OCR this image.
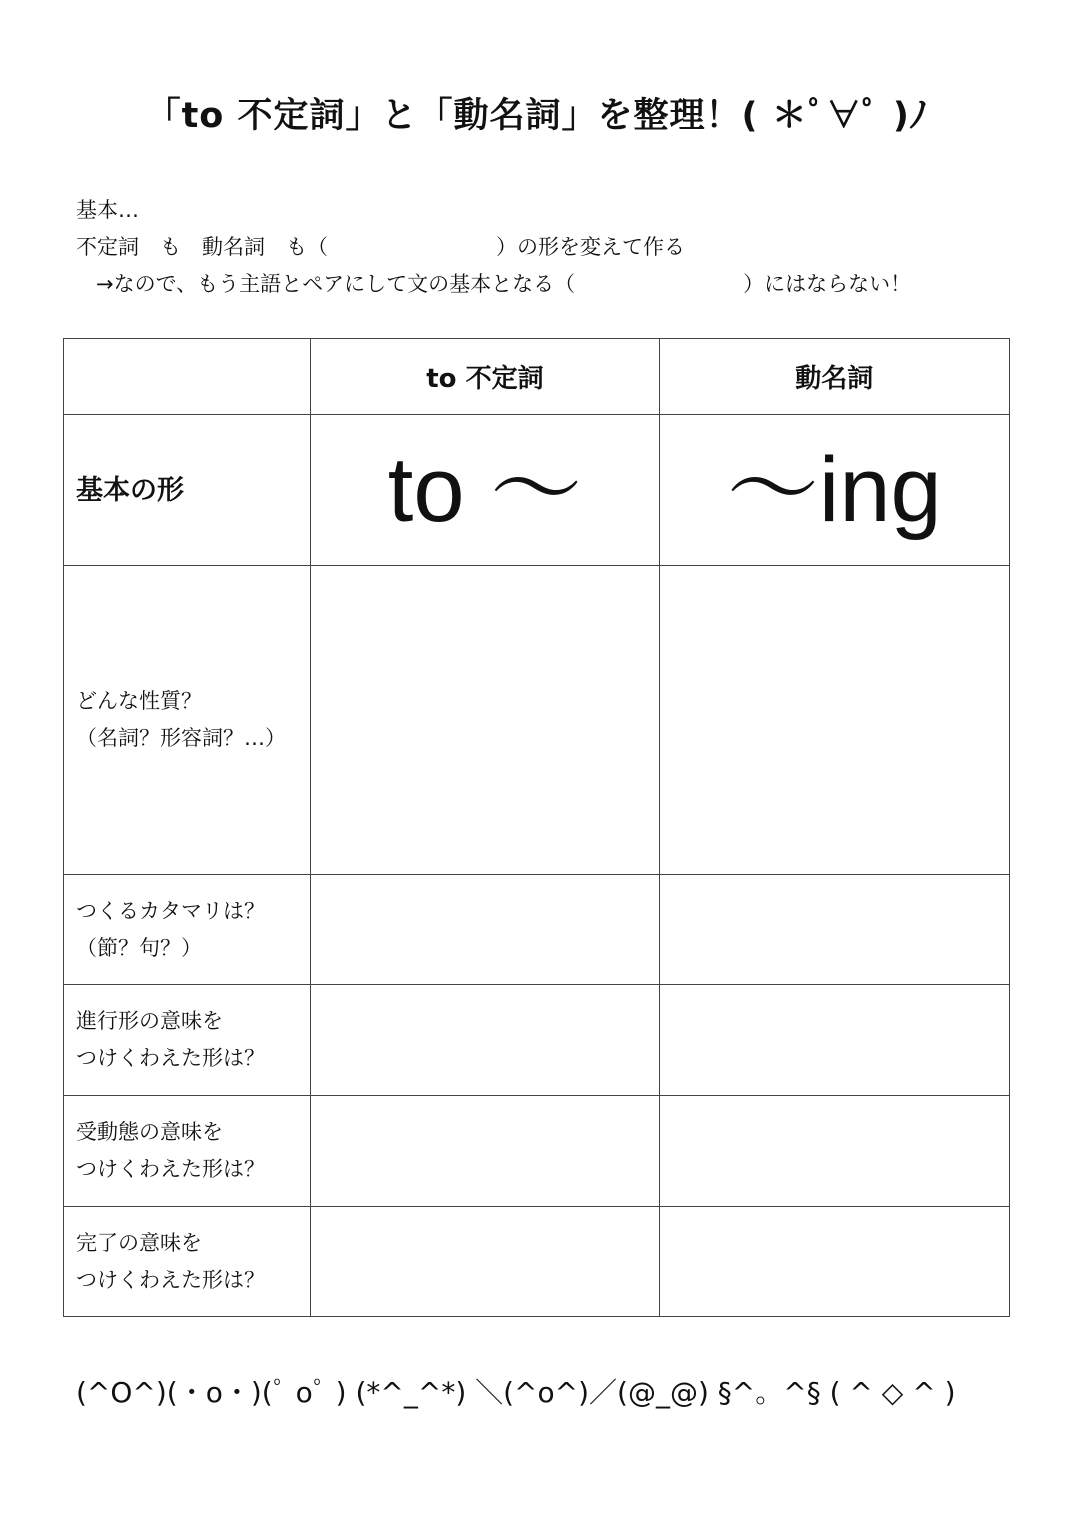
「to 不定詞」と「動名詞」を整理！( ＊ﾟ∀ﾟ )ﾉ
基本…
不定詞　も　動名詞　も（　　　　　　　　）の形を変えて作る
→なので、もう主語とペアにして文の基本となる（　　　　　　　　）にはならない！
	to 不定詞	動名詞
基本の形	to ～	～ing

どんな性質？
（名詞？形容詞？…）		

つくるカタマリは？
（節？句？）		

進行形の意味を
つけくわえた形は？		

受動態の意味を
つけくわえた形は？		

完了の意味を
つけくわえた形は？		

(^O^)(・o・)(ﾟ oﾟ ) (*^_^*) ＼(^o^)／(@_@) §^。^§ ( ^ ◇ ^ )
